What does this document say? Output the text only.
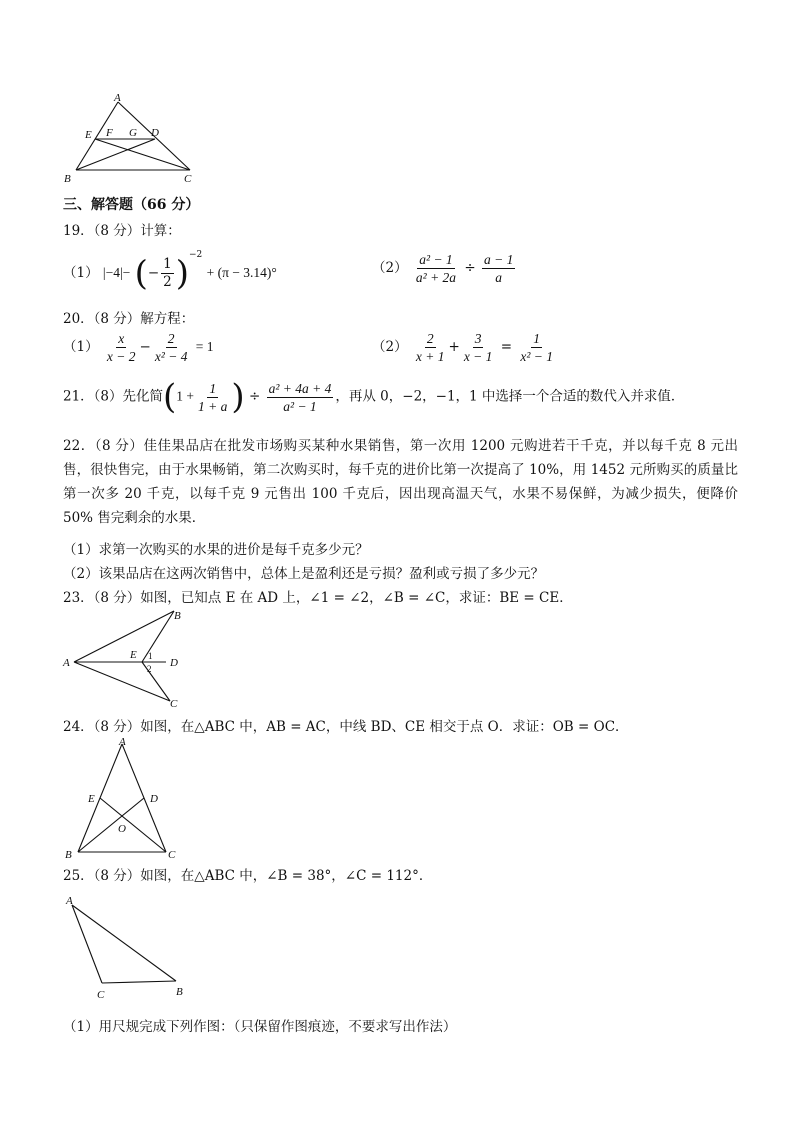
A
E F G D
B	C
三、解答题（66 分）
19．（8 分）计算：
（1） |−4|− (− $\frac{1}{2} )^{-2} + (\pi - 3.14)^\circ$	$(2) \frac{\text{a² − 1}}{\text{a² + 2a}} \div \frac{a - 1}{a}$
20．（8 分）解方程：
$(1) \frac{x}{x - 2} - \frac{2}{\text{x² − 4}} = 1$	$(2) \frac{2}{x + 1} + \frac{3}{x - 1} = \frac{1}{\text{x² − 1}}$
21．（8）先化简($1 + \frac{1}{1 + a}$ ) ÷ $\frac{\text{a² + 4a + 4}}{\text{a² − 1}}$ ，再从 0，−2，−1，1 中选择一个合适的数代入并求值．
22．（8 分）佳佳果品店在批发市场购买某种水果销售，第一次用 1200 元购进若干千克，并以每千克 8 元出售，很快售完，由于水果畅销，第二次购买时，每千克的进价比第一次提高了 10%，用 1452 元所购买的质量比第一次多 20 千克，以每千克 9 元售出 100 千克后，因出现高温天气，水果不易保鲜，为减少损失，便降价 50% 售完剩余的水果．
（1）求第一次购买的水果的进价是每千克多少元？
（2）该果品店在这两次销售中，总体上是盈利还是亏损？盈利或亏损了多少元？
23．（8 分）如图，已知点 E 在 AD 上，∠1 = ∠2，∠B = ∠C，求证：BE = CE．
A
B
E 1
2 D
C
24．（8 分）如图，在△ABC 中，AB = AC，中线 BD、CE 相交于点 O．求证：OB = OC．
A
E	D
O
B	C
25．（8 分）如图，在△ABC 中，∠B = 38°，∠C = 112°．
A
C	B
（1）用尺规完成下列作图：（只保留作图痕迹，不要求写出作法）
